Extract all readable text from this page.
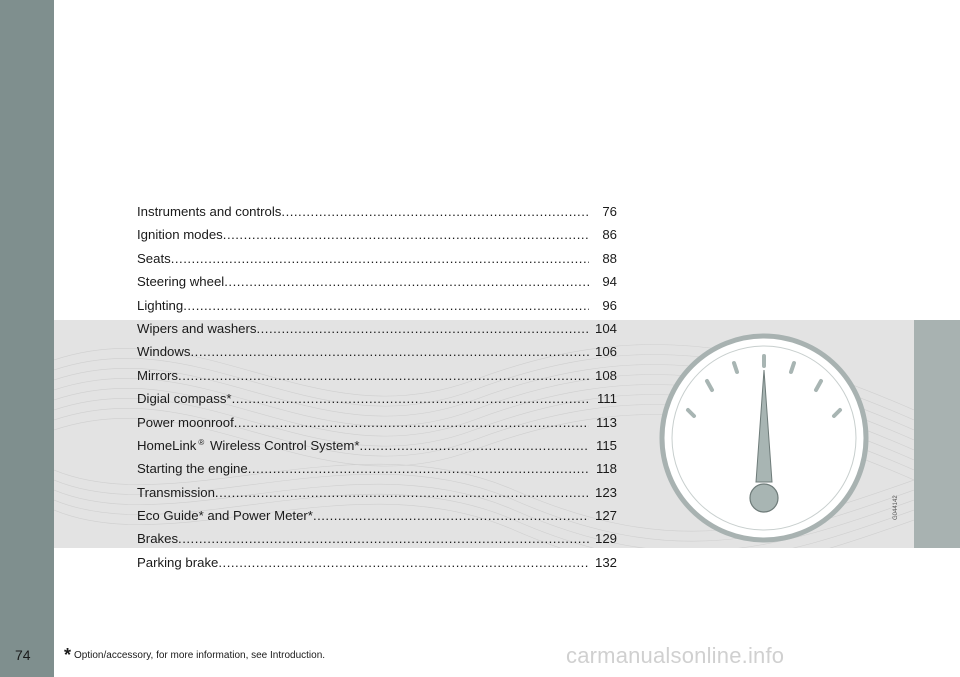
Instruments and controls .....	76
Ignition modes .....	86
Seats .....	88
Steering wheel .....	94
Lighting .....	96
Wipers and washers .....	104
Windows .....	106
Mirrors .....	108
Digial compass* .....	111
Power moonroof .....	113
HomeLink ® Wireless Control System* .....	115
Starting the engine .....	118
Transmission .....	123
Eco Guide* and Power Meter* .....	127
Brakes .....	129
Parking brake .....	132
G044142
74 * Option/accessory, for more information, see Introduction.	carmanualsonline.info
